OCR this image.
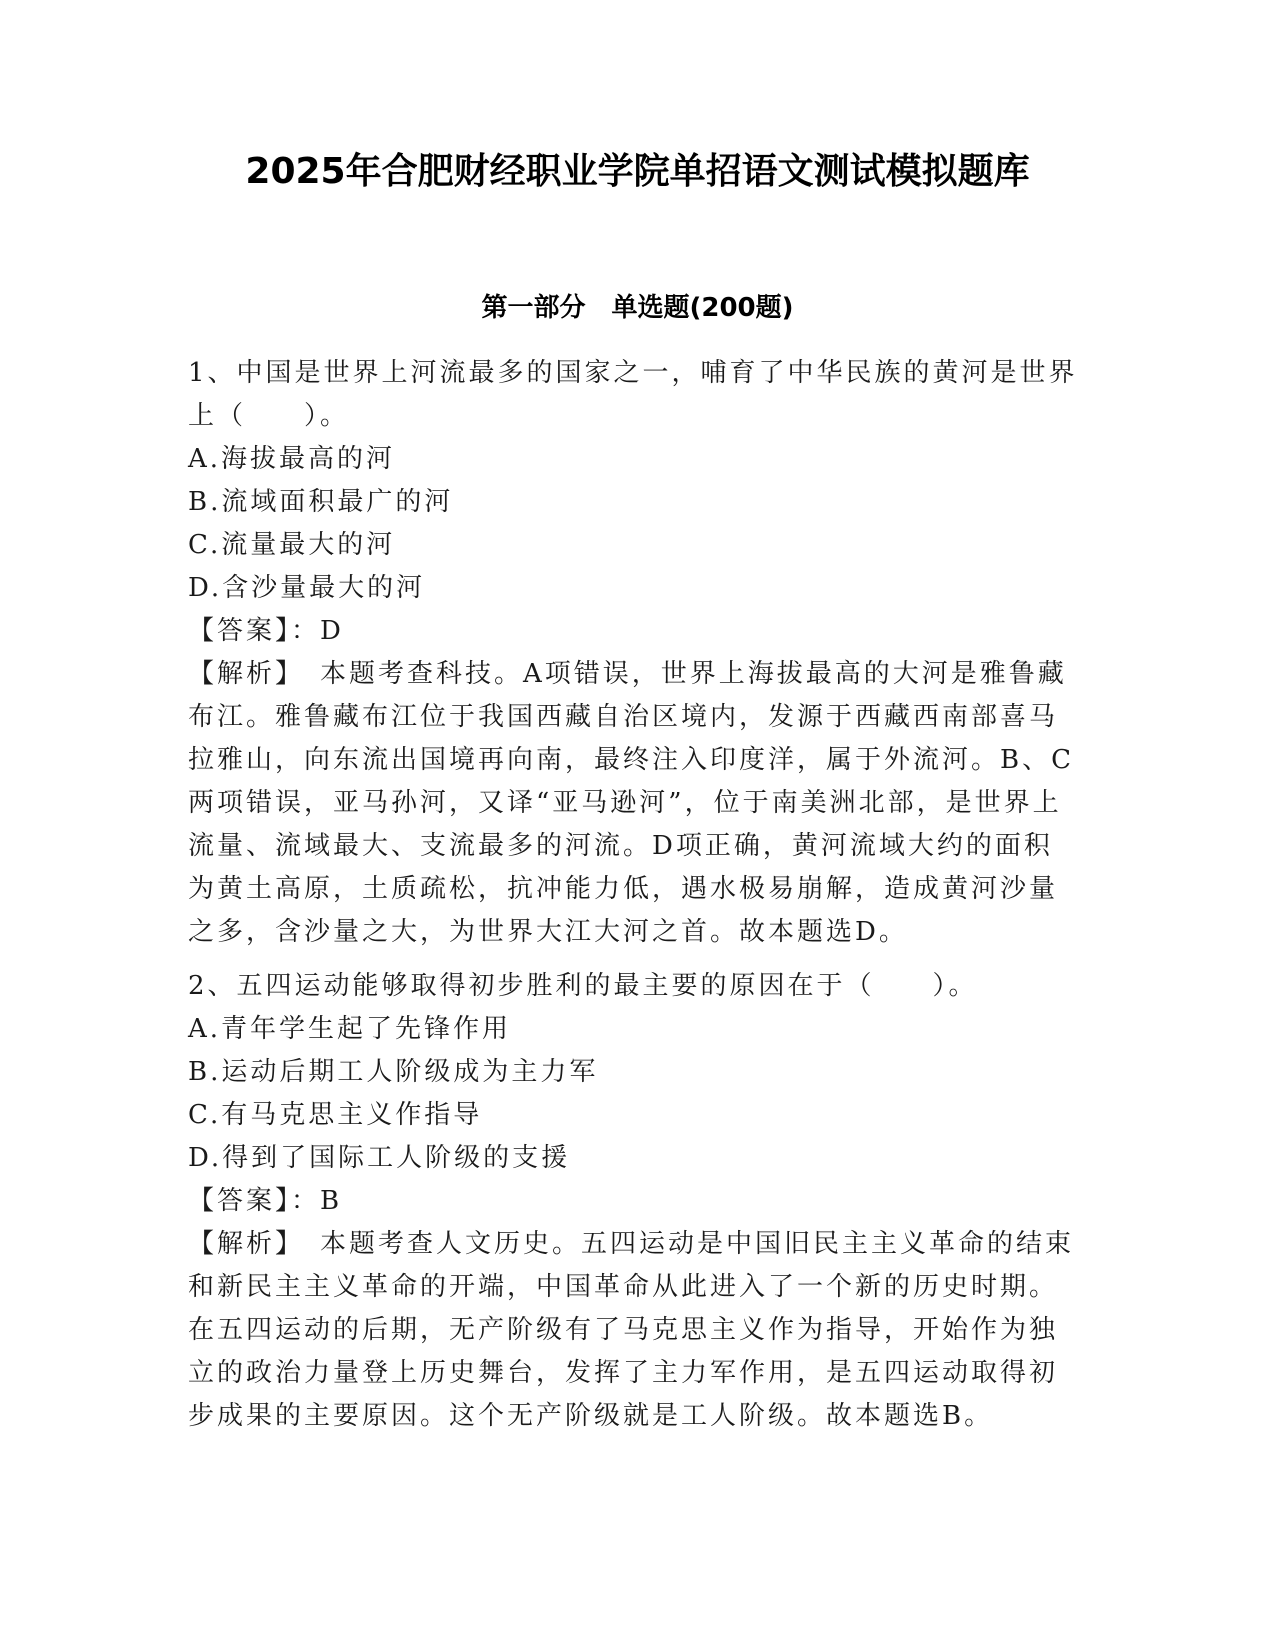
2025年合肥财经职业学院单招语文测试模拟题库
第一部分　单选题(200题)

1、中国是世界上河流最多的国家之一，哺育了中华民族的黄河是世界上（　　）。

A.海拔最高的河

B.流域面积最广的河

C.流量最大的河

D.含沙量最大的河

【答案】：D

【解析】　本题考查科技。A项错误，世界上海拔最高的大河是雅鲁藏布江。雅鲁藏布江位于我国西藏自治区境内，发源于西藏西南部喜马拉雅山，向东流出国境再向南，最终注入印度洋，属于外流河。B、C两项错误，亚马孙河，又译“亚马逊河”，位于南美洲北部，是世界上流量、流域最大、支流最多的河流。D项正确，黄河流域大约的面积为黄土高原，土质疏松，抗冲能力低，遇水极易崩解，造成黄河沙量之多，含沙量之大，为世界大江大河之首。故本题选D。

2、五四运动能够取得初步胜利的最主要的原因在于（　　）。

A.青年学生起了先锋作用

B.运动后期工人阶级成为主力军

C.有马克思主义作指导

D.得到了国际工人阶级的支援

【答案】：B

【解析】　本题考查人文历史。五四运动是中国旧民主主义革命的结束和新民主主义革命的开端，中国革命从此进入了一个新的历史时期。在五四运动的后期，无产阶级有了马克思主义作为指导，开始作为独立的政治力量登上历史舞台，发挥了主力军作用，是五四运动取得初步成果的主要原因。这个无产阶级就是工人阶级。故本题选B。
